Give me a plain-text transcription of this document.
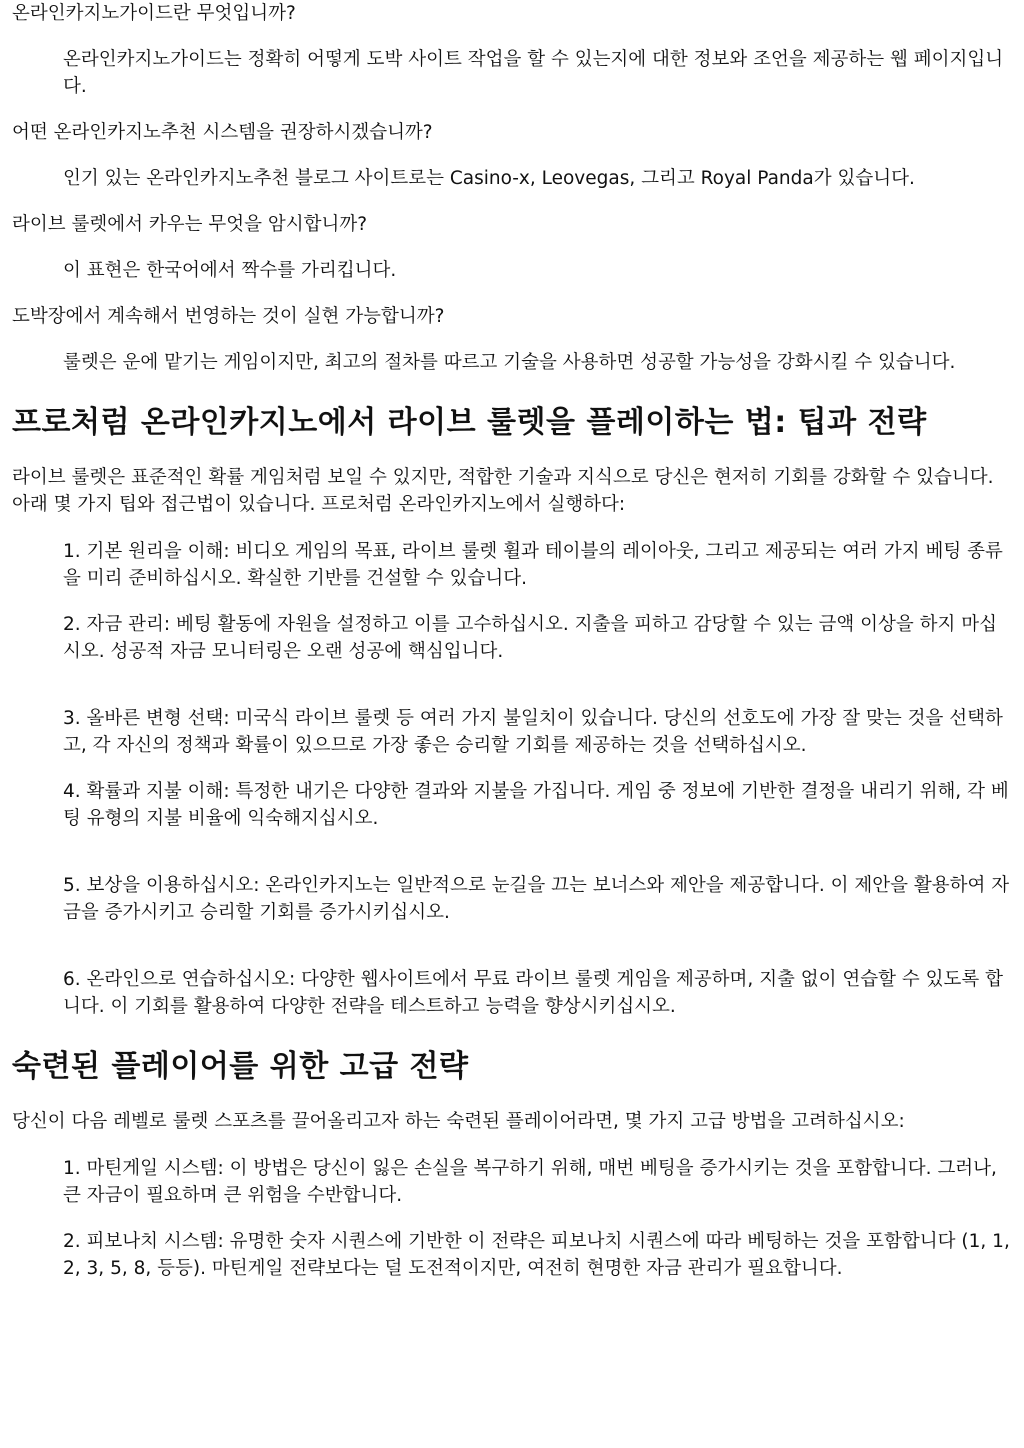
온라인카지노가이드란 무엇입니까?

온라인카지노가이드는 정확히 어떻게 도박 사이트 작업을 할 수 있는지에 대한 정보와 조언을 제공하는 웹 페이지입니다.

어떤 온라인카지노추천 시스템을 권장하시겠습니까?

인기 있는 온라인카지노추천 블로그 사이트로는 Casino-x, Leovegas, 그리고 Royal Panda가 있습니다.

라이브 룰렛에서 카우는 무엇을 암시합니까?

이 표현은 한국어에서 짝수를 가리킵니다.

도박장에서 계속해서 번영하는 것이 실현 가능합니까?

룰렛은 운에 맡기는 게임이지만, 최고의 절차를 따르고 기술을 사용하면 성공할 가능성을 강화시킬 수 있습니다.

프로처럼 온라인카지노에서 라이브 룰렛을 플레이하는 법: 팁과 전략

라이브 룰렛은 표준적인 확률 게임처럼 보일 수 있지만, 적합한 기술과 지식으로 당신은 현저히 기회를 강화할 수 있습니다. 아래 몇 가지 팁와 접근법이 있습니다. 프로처럼 온라인카지노에서 실행하다:

1. 기본 원리을 이해: 비디오 게임의 목표, 라이브 룰렛 휠과 테이블의 레이아웃, 그리고 제공되는 여러 가지 베팅 종류을 미리 준비하십시오. 확실한 기반를 건설할 수 있습니다.

2. 자금 관리: 베팅 활동에 자원을 설정하고 이를 고수하십시오. 지출을 피하고 감당할 수 있는 금액 이상을 하지 마십시오. 성공적 자금 모니터링은 오랜 성공에 핵심입니다.

3. 올바른 변형 선택: 미국식 라이브 룰렛 등 여러 가지 불일치이 있습니다. 당신의 선호도에 가장 잘 맞는 것을 선택하고, 각 자신의 정책과 확률이 있으므로 가장 좋은 승리할 기회를 제공하는 것을 선택하십시오.

4. 확률과 지불 이해: 특정한 내기은 다양한 결과와 지불을 가집니다. 게임 중 정보에 기반한 결정을 내리기 위해, 각 베팅 유형의 지불 비율에 익숙해지십시오.

5. 보상을 이용하십시오: 온라인카지노는 일반적으로 눈길을 끄는 보너스와 제안을 제공합니다. 이 제안을 활용하여 자금을 증가시키고 승리할 기회를 증가시키십시오.

6. 온라인으로 연습하십시오: 다양한 웹사이트에서 무료 라이브 룰렛 게임을 제공하며, 지출 없이 연습할 수 있도록 합니다. 이 기회를 활용하여 다양한 전략을 테스트하고 능력을 향상시키십시오.

숙련된 플레이어를 위한 고급 전략

당신이 다음 레벨로 룰렛 스포츠를 끌어올리고자 하는 숙련된 플레이어라면, 몇 가지 고급 방법을 고려하십시오:

1. 마틴게일 시스템: 이 방법은 당신이 잃은 손실을 복구하기 위해, 매번 베팅을 증가시키는 것을 포함합니다. 그러나, 큰 자금이 필요하며 큰 위험을 수반합니다.

2. 피보나치 시스템: 유명한 숫자 시퀀스에 기반한 이 전략은 피보나치 시퀀스에 따라 베팅하는 것을 포함합니다 (1, 1, 2, 3, 5, 8, 등등). 마틴게일 전략보다는 덜 도전적이지만, 여전히 현명한 자금 관리가 필요합니다.
